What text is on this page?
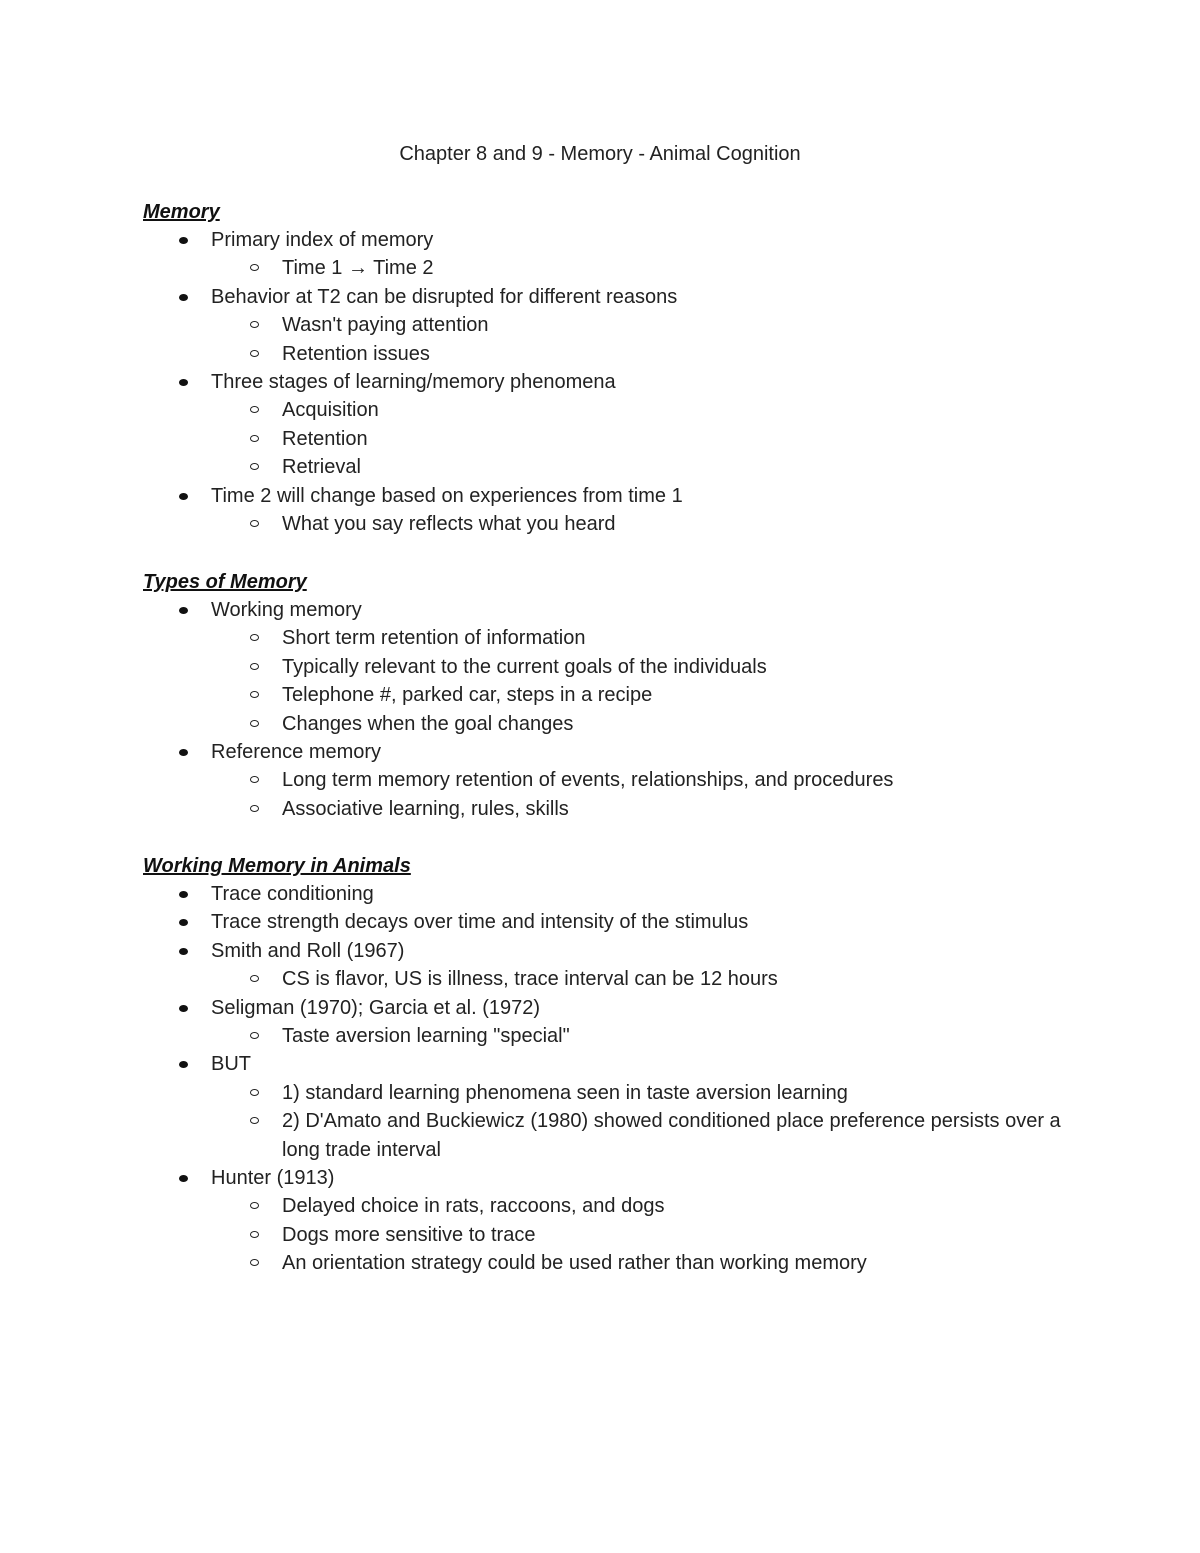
Chapter 8 and 9 - Memory - Animal Cognition
Memory
Primary index of memory
Time 1 → Time 2
Behavior at T2 can be disrupted for different reasons
Wasn't paying attention
Retention issues
Three stages of learning/memory phenomena
Acquisition
Retention
Retrieval
Time 2 will change based on experiences from time 1
What you say reflects what you heard
Types of Memory
Working memory
Short term retention of information
Typically relevant to the current goals of the individuals
Telephone #, parked car, steps in a recipe
Changes when the goal changes
Reference memory
Long term memory retention of events, relationships, and procedures
Associative learning, rules, skills
Working Memory in Animals
Trace conditioning
Trace strength decays over time and intensity of the stimulus
Smith and Roll (1967)
CS is flavor, US is illness, trace interval can be 12 hours
Seligman (1970); Garcia et al. (1972)
Taste aversion learning "special"
BUT
1) standard learning phenomena seen in taste aversion learning
2) D'Amato and Buckiewicz (1980) showed conditioned place preference persists over a long trade interval
Hunter (1913)
Delayed choice in rats, raccoons, and dogs
Dogs more sensitive to trace
An orientation strategy could be used rather than working memory
